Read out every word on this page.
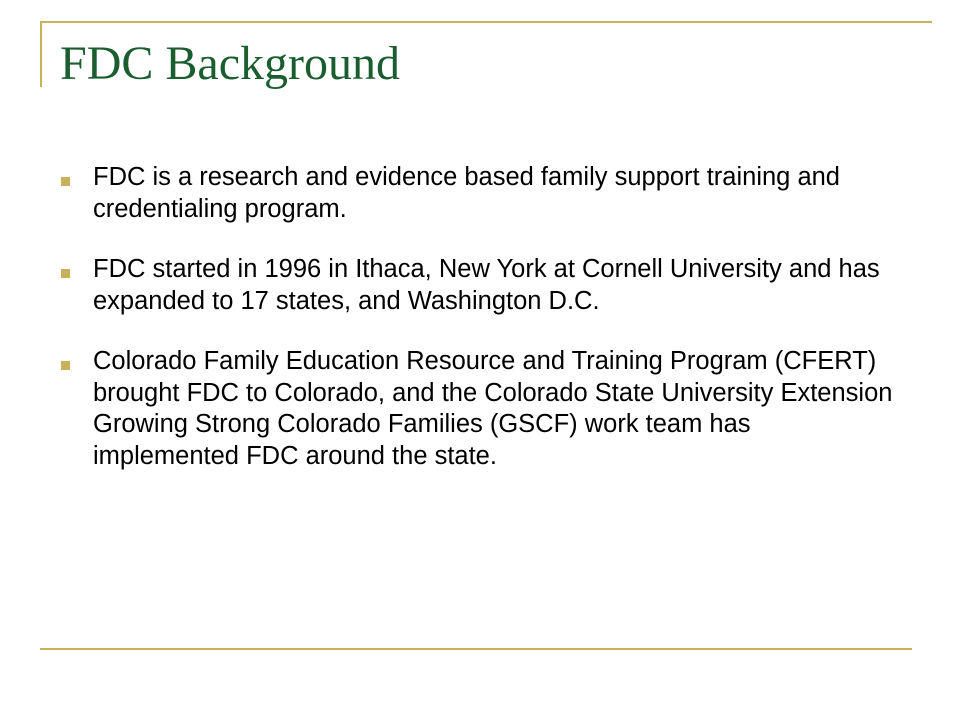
FDC Background
FDC is a research and evidence based family support training and credentialing program.
FDC started in 1996 in Ithaca, New York at Cornell University and has expanded to 17 states, and Washington D.C.
Colorado Family Education Resource and Training Program (CFERT) brought FDC to Colorado, and the Colorado State University Extension Growing Strong Colorado Families (GSCF) work team has implemented FDC around the state.
